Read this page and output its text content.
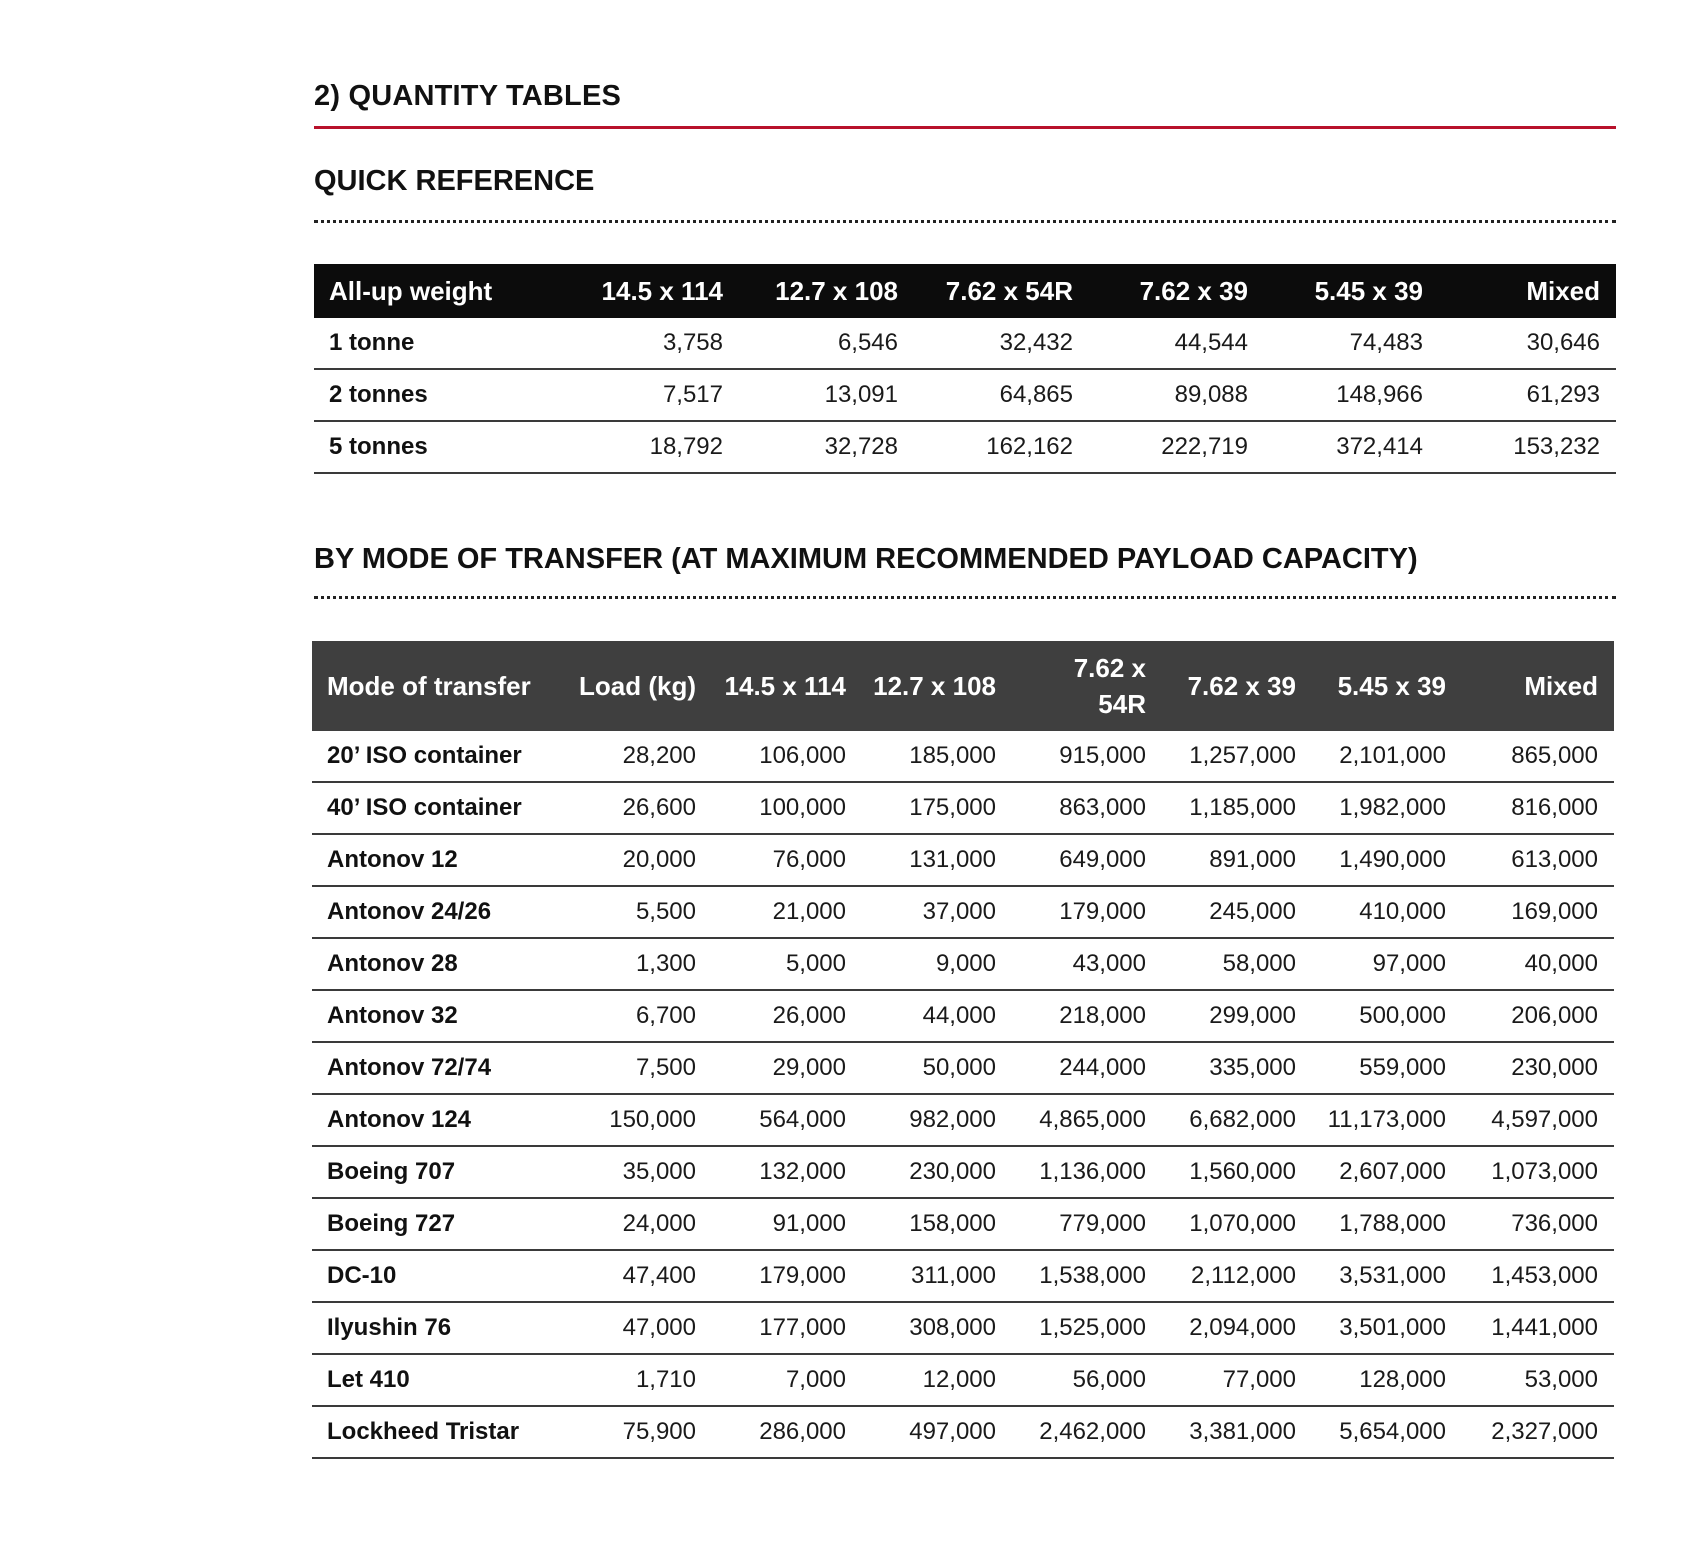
2) QUANTITY TABLES
QUICK REFERENCE
All-up weight	14.5 x 114	12.7 x 108	7.62 x 54R	7.62 x 39	5.45 x 39	Mixed
1 tonne	3,758	6,546	32,432	44,544	74,483	30,646
2 tonnes	7,517	13,091	64,865	89,088	148,966	61,293
5 tonnes	18,792	32,728	162,162	222,719	372,414	153,232
BY MODE OF TRANSFER (AT MAXIMUM RECOMMENDED PAYLOAD CAPACITY)
Mode of transfer	Load (kg)	14.5 x 114	12.7 x 108	7.62 x 54R	7.62 x 39	5.45 x 39	Mixed
20’ ISO container	28,200	106,000	185,000	915,000	1,257,000	2,101,000	865,000
40’ ISO container	26,600	100,000	175,000	863,000	1,185,000	1,982,000	816,000
Antonov 12	20,000	76,000	131,000	649,000	891,000	1,490,000	613,000
Antonov 24/26	5,500	21,000	37,000	179,000	245,000	410,000	169,000
Antonov 28	1,300	5,000	9,000	43,000	58,000	97,000	40,000
Antonov 32	6,700	26,000	44,000	218,000	299,000	500,000	206,000
Antonov 72/74	7,500	29,000	50,000	244,000	335,000	559,000	230,000
Antonov 124	150,000	564,000	982,000	4,865,000	6,682,000	11,173,000	4,597,000
Boeing 707	35,000	132,000	230,000	1,136,000	1,560,000	2,607,000	1,073,000
Boeing 727	24,000	91,000	158,000	779,000	1,070,000	1,788,000	736,000
DC-10	47,400	179,000	311,000	1,538,000	2,112,000	3,531,000	1,453,000
Ilyushin 76	47,000	177,000	308,000	1,525,000	2,094,000	3,501,000	1,441,000
Let 410	1,710	7,000	12,000	56,000	77,000	128,000	53,000
Lockheed Tristar	75,900	286,000	497,000	2,462,000	3,381,000	5,654,000	2,327,000
